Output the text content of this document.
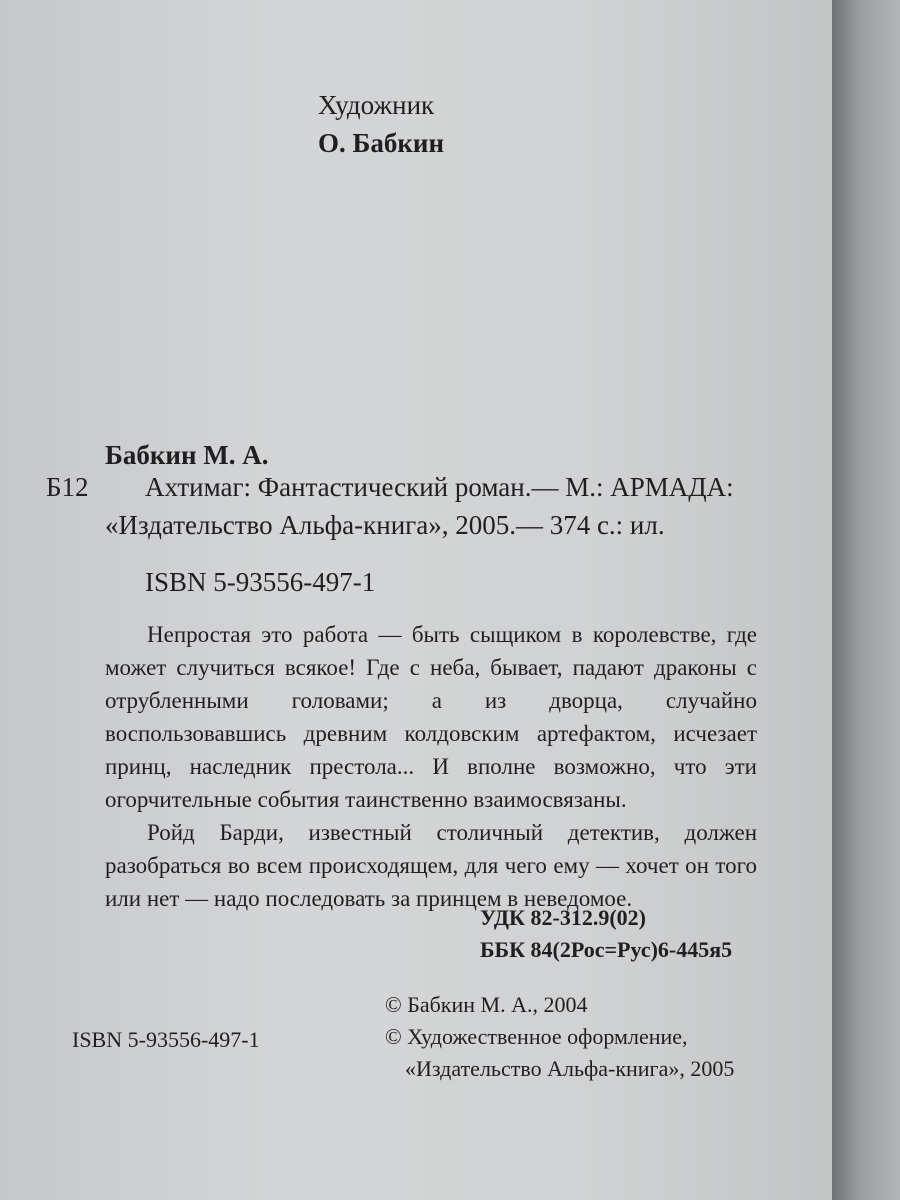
Художник
О. Бабкин
Бабкин М. А.
Б12 Ахтимаг: Фантастический роман.— М.: АРМАДА:
«Издательство Альфа-книга», 2005.— 374 с.: ил.
ISBN 5-93556-497-1

Непростая это работа — быть сыщиком в королевстве, где может случиться всякое! Где с неба, бывает, падают драконы с отрубленными головами; а из дворца, случайно воспользовавшись древним колдовским артефактом, исчезает принц, наследник престола... И вполне возможно, что эти огорчительные события таинственно взаимосвязаны.

Ройд Барди, известный столичный детектив, должен разобраться во всем происходящем, для чего ему — хочет он того или нет — надо последовать за принцем в неведомое.

УДК 82-312.9(02)
ББК 84(2Рос=Рус)6-445я5
© Бабкин М. А., 2004
© Художественное оформление,
«Издательство Альфа-книга», 2005
ISBN 5-93556-497-1
